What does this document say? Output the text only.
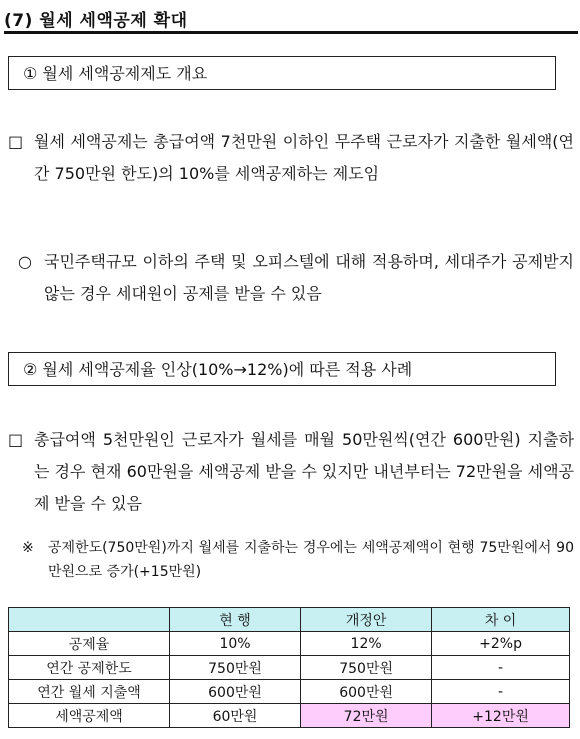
(7) 월세 세액공제 확대
① 월세 세액공제제도 개요
□ 월세 세액공제는 총급여액 7천만원 이하인 무주택 근로자가 지출한 월세액(연간 750만원 한도)의 10%를 세액공제하는 제도임
○ 국민주택규모 이하의 주택 및 오피스텔에 대해 적용하며, 세대주가 공제받지 않는 경우 세대원이 공제를 받을 수 있음
② 월세 세액공제율 인상(10%→12%)에 따른 적용 사례
□ 총급여액 5천만원인 근로자가 월세를 매월 50만원씩(연간 600만원) 지출하는 경우 현재 60만원을 세액공제 받을 수 있지만 내년부터는 72만원을 세액공제 받을 수 있음
※ 공제한도(750만원)까지 월세를 지출하는 경우에는 세액공제액이 현행 75만원에서 90만원으로 증가(+15만원)
	현 행	개정안	차 이
공제율	10%	12%	+2%p
연간 공제한도	750만원	750만원	-
연간 월세 지출액	600만원	600만원	-
세액공제액	60만원	72만원	+12만원
